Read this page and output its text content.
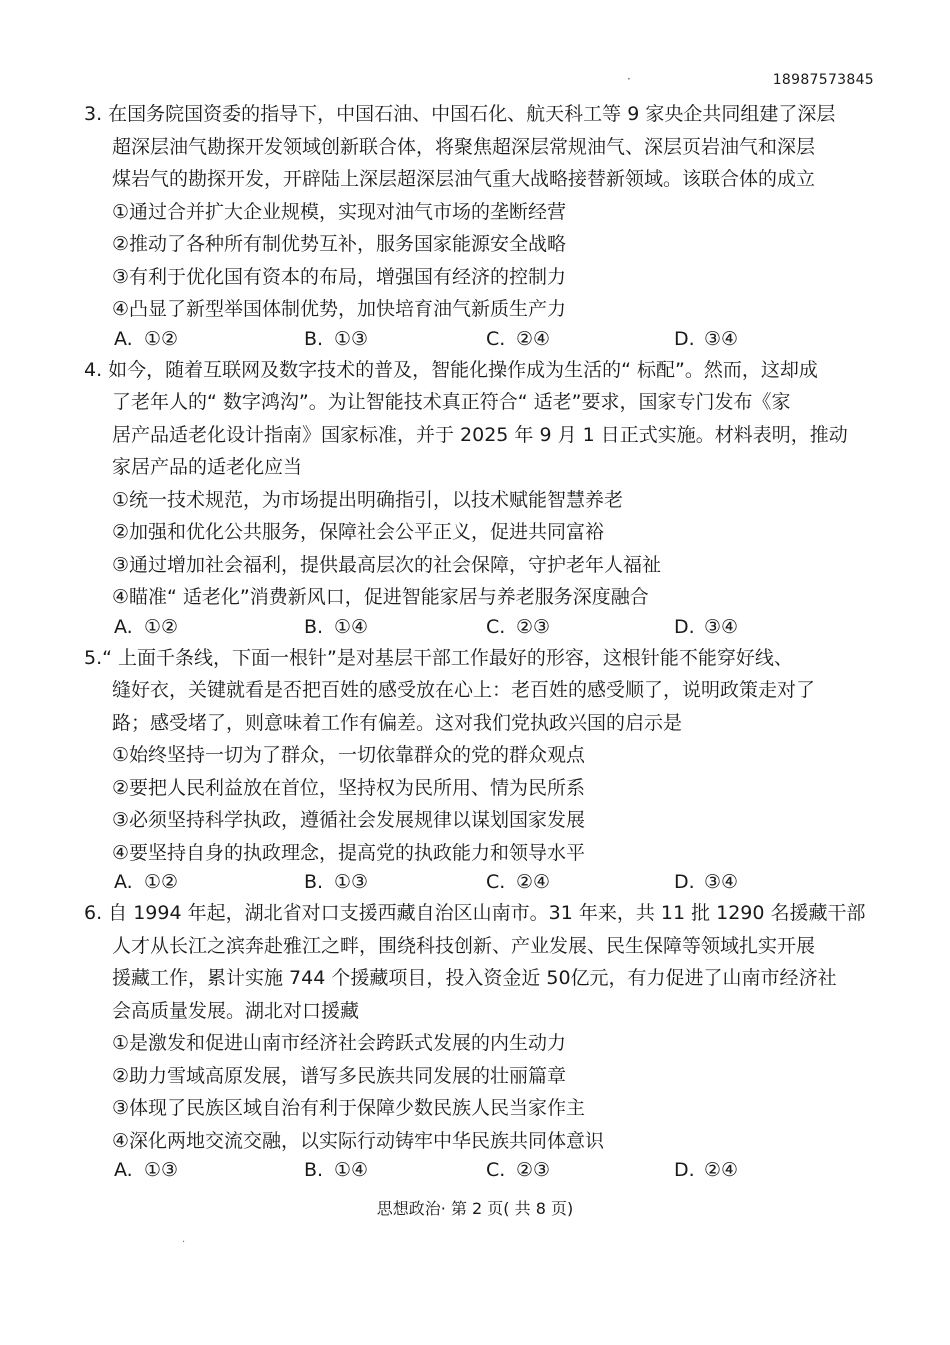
·	18987573845
3. 在国务院国资委的指导下，中国石油、中国石化、航天科工等 9 家央企共同组建了深层
超深层油气勘探开发领域创新联合体，将聚焦超深层常规油气、深层页岩油气和深层
煤岩气的勘探开发，开辟陆上深层超深层油气重大战略接替新领域。该联合体的成立
①通过合并扩大企业规模，实现对油气市场的垄断经营
②推动了各种所有制优势互补，服务国家能源安全战略
③有利于优化国有资本的布局，增强国有经济的控制力
④凸显了新型举国体制优势，加快培育油气新质生产力
A. ①②	B. ①③	C. ②④	D. ③④
4. 如今，随着互联网及数字技术的普及，智能化操作成为生活的“ 标配”。然而，这却成
了老年人的“ 数字鸿沟”。为让智能技术真正符合“ 适老”要求，国家专门发布《家
居产品适老化设计指南》国家标准，并于 2025 年 9 月 1 日正式实施。材料表明，推动
家居产品的适老化应当
①统一技术规范，为市场提出明确指引，以技术赋能智慧养老
②加强和优化公共服务，保障社会公平正义，促进共同富裕
③通过增加社会福利，提供最高层次的社会保障，守护老年人福祉
④瞄准“ 适老化”消费新风口，促进智能家居与养老服务深度融合
A. ①②	B. ①④	C. ②③	D. ③④
5.“ 上面千条线，下面一根针”是对基层干部工作最好的形容，这根针能不能穿好线、
缝好衣，关键就看是否把百姓的感受放在心上：老百姓的感受顺了，说明政策走对了
路；感受堵了，则意味着工作有偏差。这对我们党执政兴国的启示是
①始终坚持一切为了群众，一切依靠群众的党的群众观点
②要把人民利益放在首位，坚持权为民所用、情为民所系
③必须坚持科学执政，遵循社会发展规律以谋划国家发展
④要坚持自身的执政理念，提高党的执政能力和领导水平
A. ①②	B. ①③	C. ②④	D. ③④
6. 自 1994 年起，湖北省对口支援西藏自治区山南市。31 年来，共 11 批 1290 名援藏干部
人才从长江之滨奔赴雅江之畔，围绕科技创新、产业发展、民生保障等领域扎实开展
援藏工作，累计实施 744 个援藏项目，投入资金近 50亿元，有力促进了山南市经济社
会高质量发展。湖北对口援藏
①是激发和促进山南市经济社会跨跃式发展的内生动力
②助力雪域高原发展，谱写多民族共同发展的壮丽篇章
③体现了民族区域自治有利于保障少数民族人民当家作主
④深化两地交流交融，以实际行动铸牢中华民族共同体意识
A. ①③	B. ①④	C. ②③	D. ②④
思想政治· 第 2 页( 共 8 页)
.
